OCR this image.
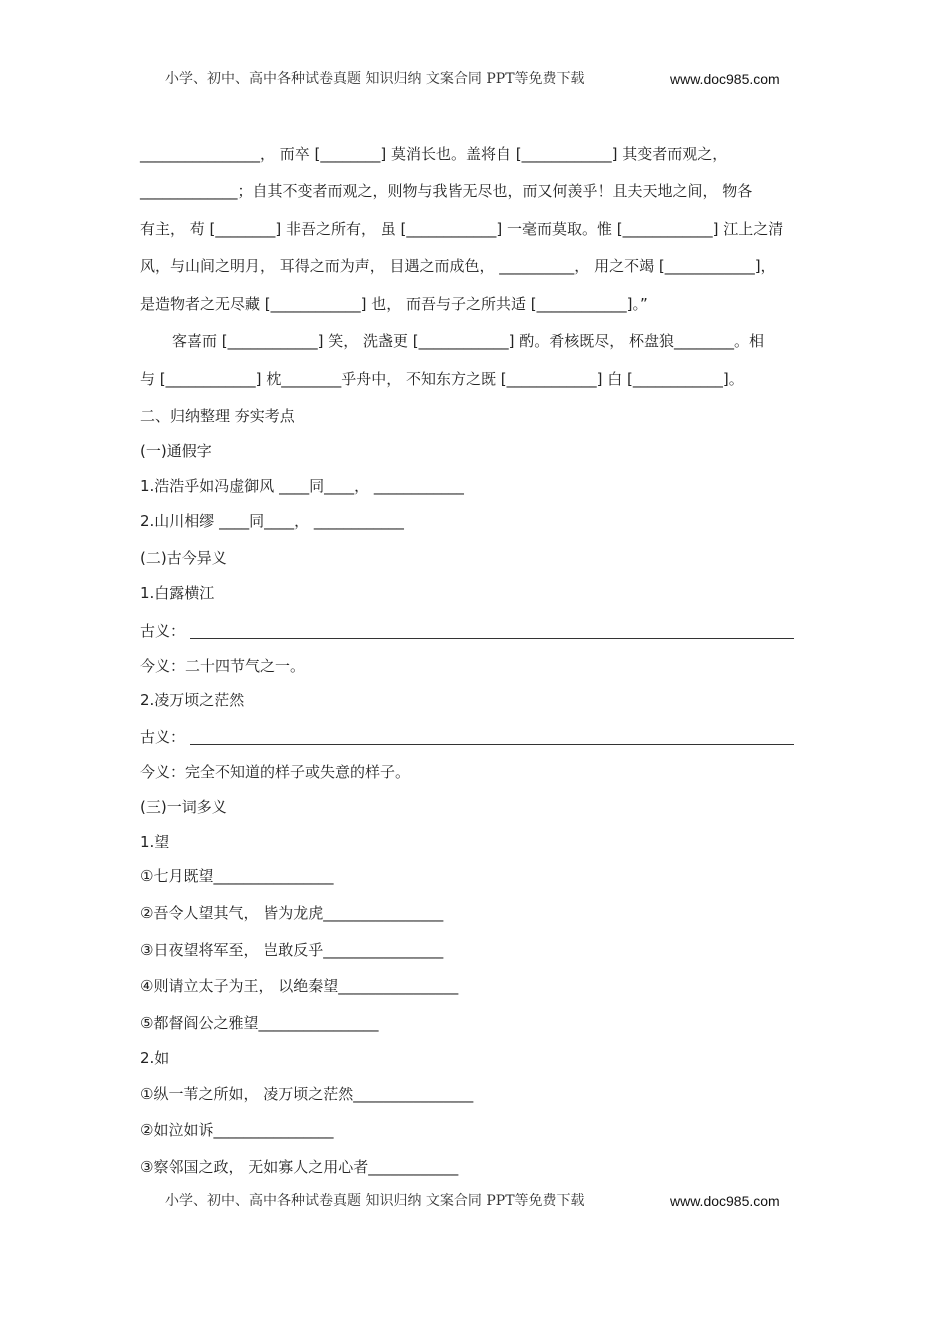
小学、初中、高中各种试卷真题 知识归纳 文案合同 PPT等免费下载	www.doc985.com
________________， 而卒 [________] 莫消长也。盖将自 [____________] 其变者而观之，
_____________；自其不变者而观之，则物与我皆无尽也，而又何羡乎！且夫天地之间， 物各
有主， 苟 [________] 非吾之所有， 虽 [____________] 一毫而莫取。惟 [____________] 江上之清
风，与山间之明月， 耳得之而为声， 目遇之而成色， __________， 用之不竭 [____________]，
是造物者之无尽藏 [____________] 也， 而吾与子之所共适 [____________]。”
客喜而 [____________] 笑， 洗盏更 [____________] 酌。肴核既尽， 杯盘狼________。相
与 [____________] 枕________乎舟中， 不知东方之既 [____________] 白 [____________]。
二、归纳整理 夯实考点
(一)通假字
1.浩浩乎如冯虚御风 ____同____， ____________
2.山川相缪 ____同____， ____________
(二)古今异义
1.白露横江
古义：
今义：二十四节气之一。
2.凌万顷之茫然
古义：
今义：完全不知道的样子或失意的样子。
(三)一词多义
1.望
①七月既望________________
②吾令人望其气， 皆为龙虎________________
③日夜望将军至， 岂敢反乎________________
④则请立太子为王， 以绝秦望________________
⑤都督阎公之雅望________________
2.如
①纵一苇之所如， 凌万顷之茫然________________
②如泣如诉________________
③察邻国之政， 无如寡人之用心者____________
小学、初中、高中各种试卷真题 知识归纳 文案合同 PPT等免费下载	www.doc985.com
